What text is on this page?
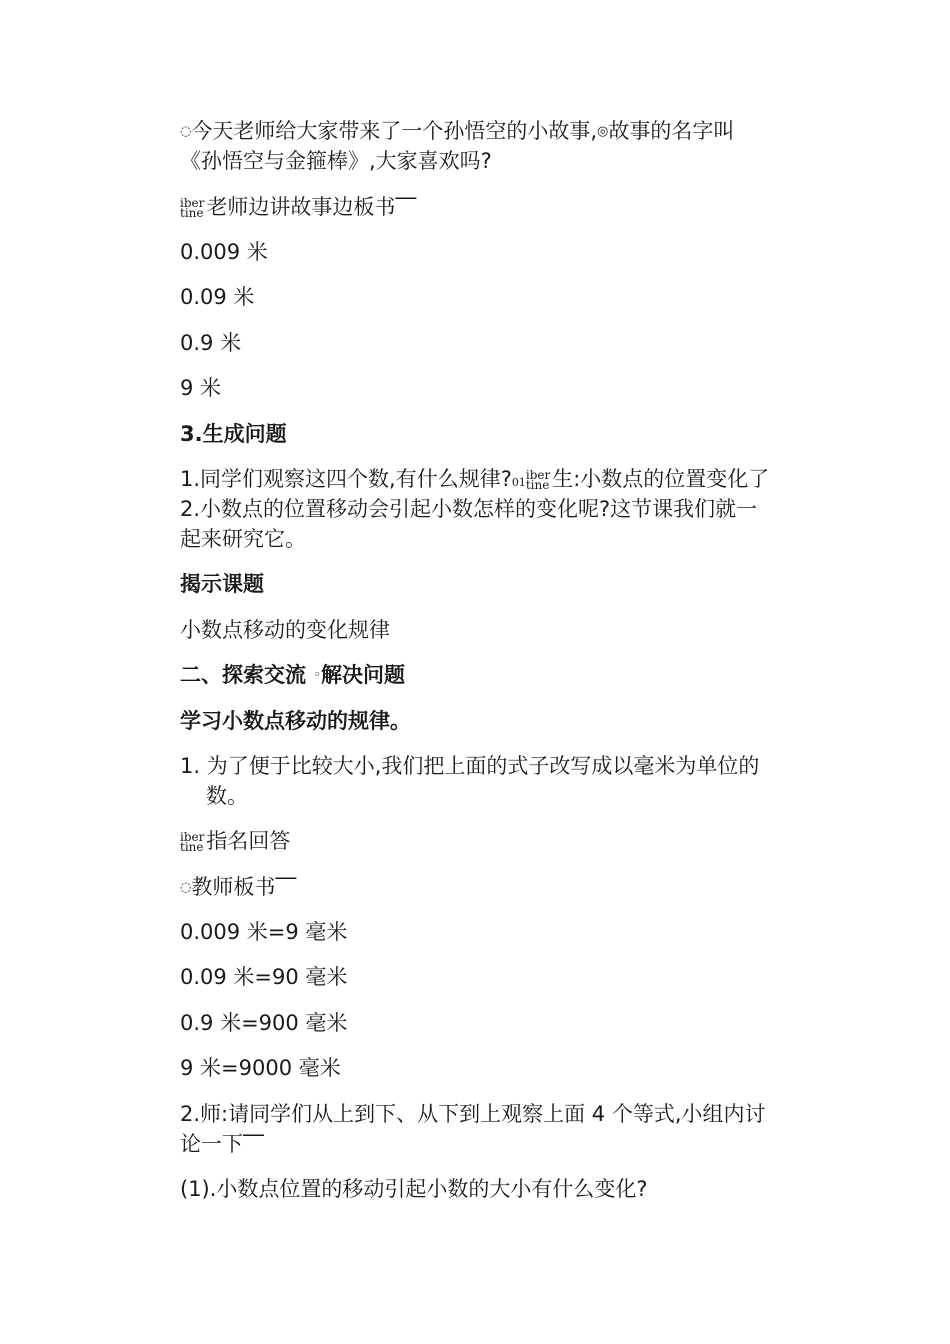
◌今天老师给大家带来了一个孙悟空的小故事,◎故事的名字叫
《孙悟空与金箍棒》,大家喜欢吗?
iber
tine 老师边讲故事边板书⎺
0.009 米
0.09 米
0.9 米
9 米
3.生成问题
1.同学们观察这四个数,有什么规律?01
iber
tine 生:小数点的位置变化了
2.小数点的位置移动会引起小数怎样的变化呢?这节课我们就一
起来研究它。
揭示课题
小数点移动的变化规律
二、探索交流 ◦解决问题
学习小数点移动的规律。
1. 为了便于比较大小,我们把上面的式子改写成以毫米为单位的
数。
iber
tine 指名回答
◌教师板书⎺
0.009 米=9 毫米
0.09 米=90 毫米
0.9 米=900 毫米
9 米=9000 毫米
2.师:请同学们从上到下、从下到上观察上面 4 个等式,小组内讨
论一下⎺
(1).小数点位置的移动引起小数的大小有什么变化?
